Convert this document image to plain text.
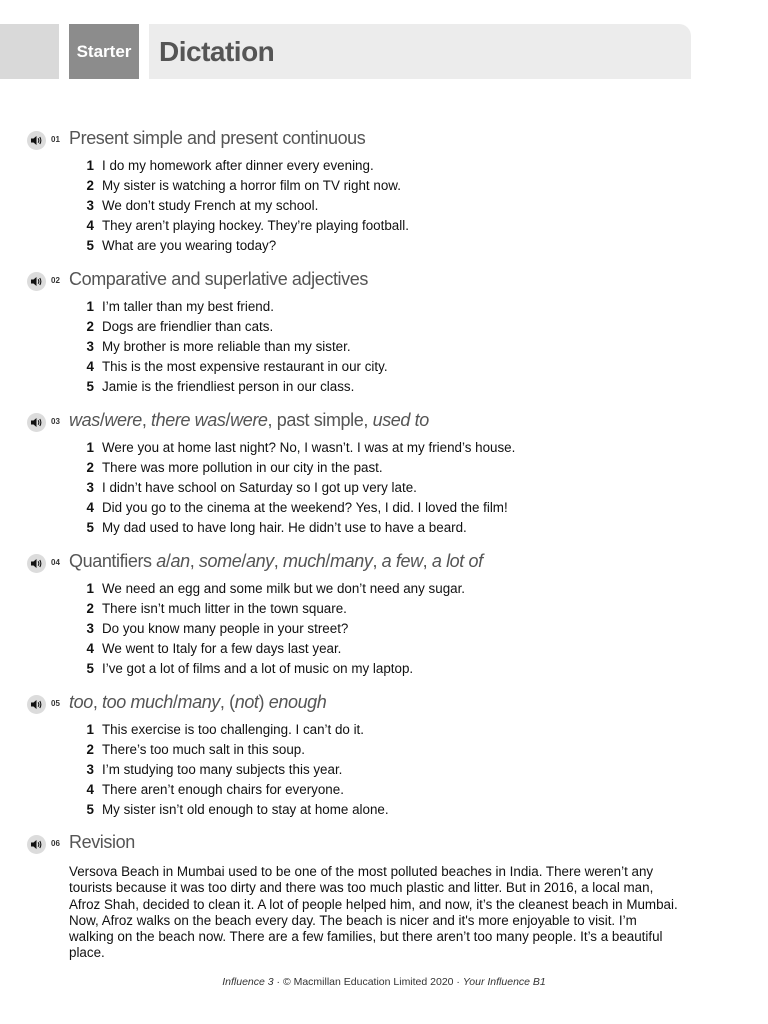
Starter Dictation
01 Present simple and present continuous
1 I do my homework after dinner every evening.
2 My sister is watching a horror film on TV right now.
3 We don’t study French at my school.
4 They aren’t playing hockey. They’re playing football.
5 What are you wearing today?
02 Comparative and superlative adjectives
1 I’m taller than my best friend.
2 Dogs are friendlier than cats.
3 My brother is more reliable than my sister.
4 This is the most expensive restaurant in our city.
5 Jamie is the friendliest person in our class.
03 was/were, there was/were, past simple, used to
1 Were you at home last night? No, I wasn’t. I was at my friend’s house.
2 There was more pollution in our city in the past.
3 I didn’t have school on Saturday so I got up very late.
4 Did you go to the cinema at the weekend? Yes, I did. I loved the film!
5 My dad used to have long hair. He didn’t use to have a beard.
04 Quantifiers a/an, some/any, much/many, a few, a lot of
1 We need an egg and some milk but we don’t need any sugar.
2 There isn’t much litter in the town square.
3 Do you know many people in your street?
4 We went to Italy for a few days last year.
5 I’ve got a lot of films and a lot of music on my laptop.
05 too, too much/many, (not) enough
1 This exercise is too challenging. I can’t do it.
2 There’s too much salt in this soup.
3 I’m studying too many subjects this year.
4 There aren’t enough chairs for everyone.
5 My sister isn’t old enough to stay at home alone.
06 Revision
Versova Beach in Mumbai used to be one of the most polluted beaches in India. There weren’t any tourists because it was too dirty and there was too much plastic and litter. But in 2016, a local man, Afroz Shah, decided to clean it. A lot of people helped him, and now, it’s the cleanest beach in Mumbai. Now, Afroz walks on the beach every day. The beach is nicer and it's more enjoyable to visit. I’m walking on the beach now. There are a few families, but there aren’t too many people. It’s a beautiful place.
Influence 3 · © Macmillan Education Limited 2020 · Your Influence B1
